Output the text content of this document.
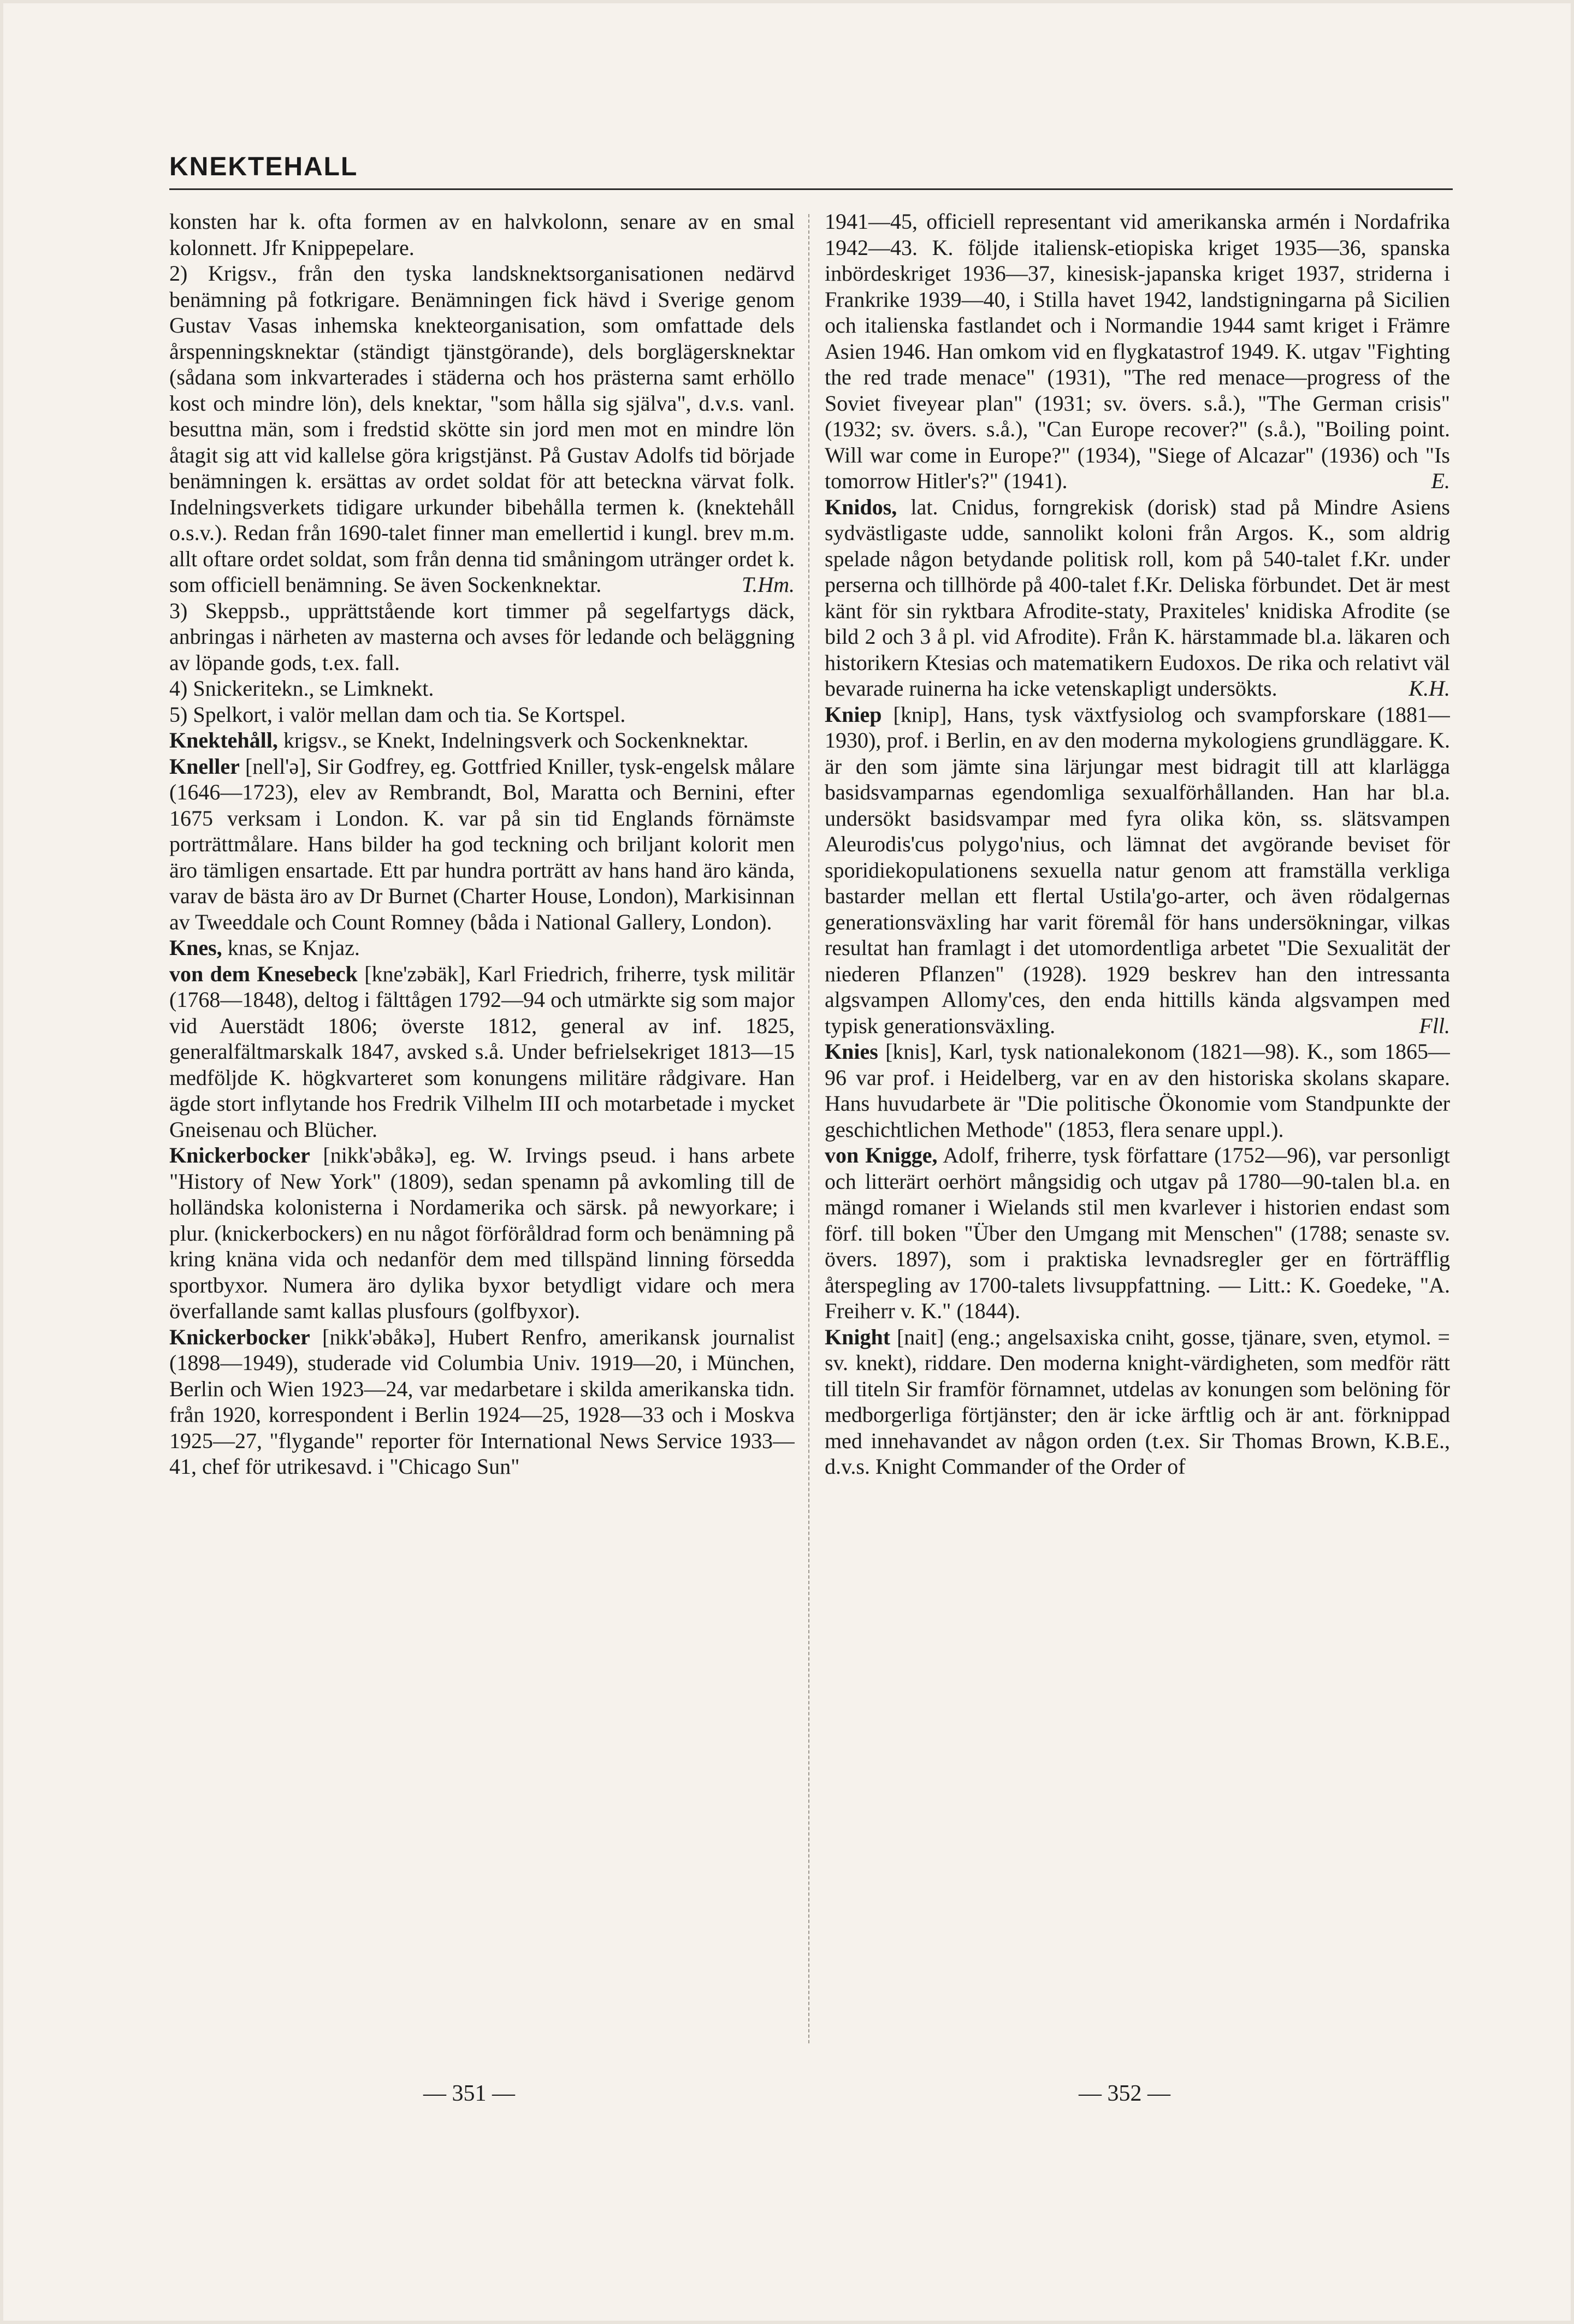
KNEKTEHALL

konsten har k. ofta formen av en halvkolonn, senare av en smal kolonnett. Jfr Knippepelare.

2) Krigsv., från den tyska landsknektsorganisationen nedärvd benämning på fotkrigare. Benämningen fick hävd i Sverige genom Gustav Vasas inhemska knekteorganisation, som omfattade dels årspenningsknektar (ständigt tjänstgörande), dels borglägersknektar (sådana som inkvarterades i städerna och hos prästerna samt erhöllo kost och mindre lön), dels knektar, "som hålla sig själva", d.v.s. vanl. besuttna män, som i fredstid skötte sin jord men mot en mindre lön åtagit sig att vid kallelse göra krigstjänst. På Gustav Adolfs tid började benämningen k. ersättas av ordet soldat för att beteckna värvat folk. Indelningsverkets tidigare urkunder bibehålla termen k. (knektehåll o.s.v.). Redan från 1690-talet finner man emellertid i kungl. brev m.m. allt oftare ordet soldat, som från denna tid småningom utränger ordet k. som officiell benämning. Se även Sockenknektar.	T.Hm.

3) Skeppsb., upprättstående kort timmer på segelfartygs däck, anbringas i närheten av masterna och avses för ledande och beläggning av löpande gods, t.ex. fall.

4) Snickeritekn., se Limknekt.

5) Spelkort, i valör mellan dam och tia. Se Kortspel.

Knektehåll, krigsv., se Knekt, Indelningsverk och Sockenknektar.

Kneller [nell'ə], Sir Godfrey, eg. Gottfried Kniller, tysk-engelsk målare (1646—1723), elev av Rembrandt, Bol, Maratta och Bernini, efter 1675 verksam i London. K. var på sin tid Englands förnämste porträttmålare. Hans bilder ha god teckning och briljant kolorit men äro tämligen ensartade. Ett par hundra porträtt av hans hand äro kända, varav de bästa äro av Dr Burnet (Charter House, London), Markisinnan av Tweeddale och Count Romney (båda i National Gallery, London).

Knes, knas, se Knjaz.

von dem Knesebeck [kne'zəbäk], Karl Friedrich, friherre, tysk militär (1768—1848), deltog i fälttågen 1792—94 och utmärkte sig som major vid Auerstädt 1806; överste 1812, general av inf. 1825, generalfältmarskalk 1847, avsked s.å. Under befrielsekriget 1813—15 medföljde K. högkvarteret som konungens militäre rådgivare. Han ägde stort inflytande hos Fredrik Vilhelm III och motarbetade i mycket Gneisenau och Blücher.

Knickerbocker [nikk'əbåkə], eg. W. Irvings pseud. i hans arbete "History of New York" (1809), sedan spenamn på avkomling till de holländska kolonisterna i Nordamerika och särsk. på newyorkare; i plur. (knickerbockers) en nu något förföråldrad form och benämning på kring knäna vida och nedanför dem med tillspänd linning försedda sportbyxor. Numera äro dylika byxor betydligt vidare och mera överfallande samt kallas plusfours (golfbyxor).

Knickerbocker [nikk'əbåkə], Hubert Renfro, amerikansk journalist (1898—1949), studerade vid Columbia Univ. 1919—20, i München, Berlin och Wien 1923—24, var medarbetare i skilda amerikanska tidn. från 1920, korrespondent i Berlin 1924—25, 1928—33 och i Moskva 1925—27, "flygande" reporter för International News Service 1933—41, chef för utrikesavd. i "Chicago Sun"

1941—45, officiell representant vid amerikanska armén i Nordafrika 1942—43. K. följde italiensk-etiopiska kriget 1935—36, spanska inbördeskriget 1936—37, kinesisk-japanska kriget 1937, striderna i Frankrike 1939—40, i Stilla havet 1942, landstigningarna på Sicilien och italienska fastlandet och i Normandie 1944 samt kriget i Främre Asien 1946. Han omkom vid en flygkatastrof 1949. K. utgav "Fighting the red trade menace" (1931), "The red menace—progress of the Soviet fiveyear plan" (1931; sv. övers. s.å.), "The German crisis" (1932; sv. övers. s.å.), "Can Europe recover?" (s.å.), "Boiling point. Will war come in Europe?" (1934), "Siege of Alcazar" (1936) och "Is tomorrow Hitler's?" (1941).	E.

Knidos, lat. Cnidus, forngrekisk (dorisk) stad på Mindre Asiens sydvästligaste udde, sannolikt koloni från Argos. K., som aldrig spelade någon betydande politisk roll, kom på 540-talet f.Kr. under perserna och tillhörde på 400-talet f.Kr. Deliska förbundet. Det är mest känt för sin ryktbara Afrodite-staty, Praxiteles' knidiska Afrodite (se bild 2 och 3 å pl. vid Afrodite). Från K. härstammade bl.a. läkaren och historikern Ktesias och matematikern Eudoxos. De rika och relativt väl bevarade ruinerna ha icke vetenskapligt undersökts.	K.H.

Kniep [knip], Hans, tysk växtfysiolog och svampforskare (1881—1930), prof. i Berlin, en av den moderna mykologiens grundläggare. K. är den som jämte sina lärjungar mest bidragit till att klarlägga basidsvamparnas egendomliga sexualförhållanden. Han har bl.a. undersökt basidsvampar med fyra olika kön, ss. slätsvampen Aleurodis'cus polygo'nius, och lämnat det avgörande beviset för sporidiekopulationens sexuella natur genom att framställa verkliga bastarder mellan ett flertal Ustila'go-arter, och även rödalgernas generationsväxling har varit föremål för hans undersökningar, vilkas resultat han framlagt i det utomordentliga arbetet "Die Sexualität der niederen Pflanzen" (1928). 1929 beskrev han den intressanta algsvampen Allomy'ces, den enda hittills kända algsvampen med typisk generationsväxling.	Fll.

Knies [knis], Karl, tysk nationalekonom (1821—98). K., som 1865—96 var prof. i Heidelberg, var en av den historiska skolans skapare. Hans huvudarbete är "Die politische Ökonomie vom Standpunkte der geschichtlichen Methode" (1853, flera senare uppl.).

von Knigge, Adolf, friherre, tysk författare (1752—96), var personligt och litterärt oerhört mångsidig och utgav på 1780—90-talen bl.a. en mängd romaner i Wielands stil men kvarlever i historien endast som förf. till boken "Über den Umgang mit Menschen" (1788; senaste sv. övers. 1897), som i praktiska levnadsregler ger en förträfflig återspegling av 1700-talets livsuppfattning. — Litt.: K. Goedeke, "A. Freiherr v. K." (1844).

Knight [nait] (eng.; angelsaxiska cniht, gosse, tjänare, sven, etymol. = sv. knekt), riddare. Den moderna knight-värdigheten, som medför rätt till titeln Sir framför förnamnet, utdelas av konungen som belöning för medborgerliga förtjänster; den är icke ärftlig och är ant. förknippad med innehavandet av någon orden (t.ex. Sir Thomas Brown, K.B.E., d.v.s. Knight Commander of the Order of

— 351 —	— 352 —
